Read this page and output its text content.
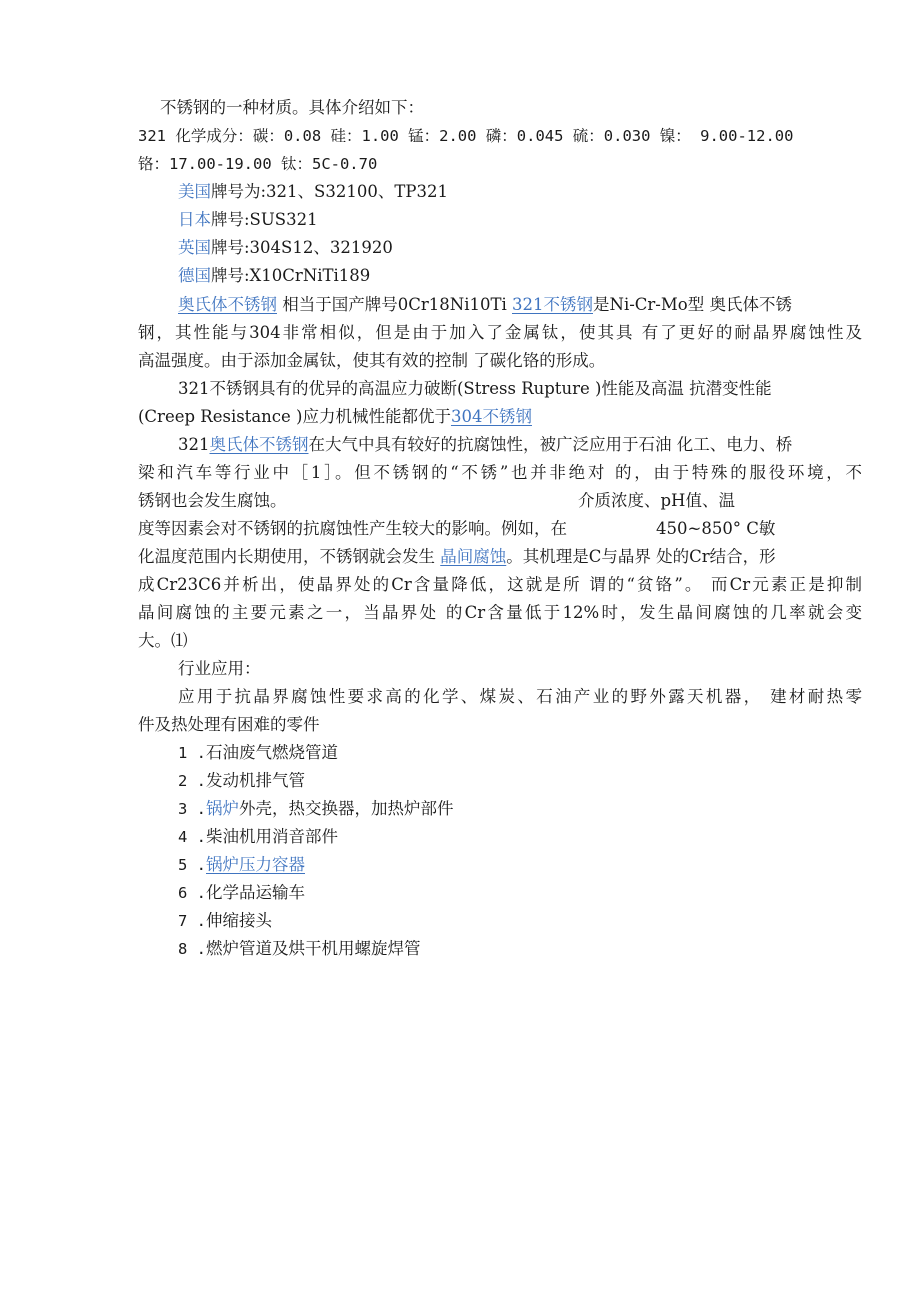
不锈钢的一种材质。具体介绍如下：
321 化学成分：碳：0.08 硅：1.00 锰：2.00 磷：0.045 硫：0.030 镍： 9.00-12.00
铬：17.00-19.00 钛：5C-0.70
美国牌号为:321、S32100、TP321
日本牌号:SUS321
英国牌号:304S12、321920
德国牌号:X10CrNiTi189
奥氏体不锈钢 相当于国产牌号0Cr18Ni10Ti 321不锈钢是Ni-Cr-Mo型 奥氏体不锈
钢，其性能与304非常相似，但是由于加入了金属钛，使其具 有了更好的耐晶界腐蚀性及
高温强度。由于添加金属钛，使其有效的控制 了碳化铬的形成。
321不锈钢具有的优异的高温应力破断(Stress Rupture )性能及高温 抗潜变性能
(Creep Resistance )应力机械性能都优于304不锈钢
321奥氏体不锈钢在大气中具有较好的抗腐蚀性，被广泛应用于石油 化工、电力、桥
梁和汽车等行业中［1］。但不锈钢的“不锈”也并非绝对 的，由于特殊的服役环境，不
锈钢也会发生腐蚀。	介质浓度、pH值、温
度等因素会对不锈钢的抗腐蚀性产生较大的影响。例如，在	450~850° C敏
化温度范围内长期使用，不锈钢就会发生 晶间腐蚀。其机理是C与晶界 处的Cr结合，形
成Cr23C6并析出，使晶界处的Cr含量降低，这就是所 谓的“贫铬”。 而Cr元素正是抑制
晶间腐蚀的主要元素之一，当晶界处 的Cr含量低于12%时，发生晶间腐蚀的几率就会变
大。⑴
行业应用：
应用于抗晶界腐蚀性要求高的化学、煤炭、石油产业的野外露天机器， 建材耐热零
件及热处理有困难的零件
1 .石油废气燃烧管道
2 .发动机排气管
3 .锅炉外壳，热交换器，加热炉部件
4 .柴油机用消音部件
5 .锅炉压力容器
6 .化学品运输车
7 .伸缩接头
8 .燃炉管道及烘干机用螺旋焊管
